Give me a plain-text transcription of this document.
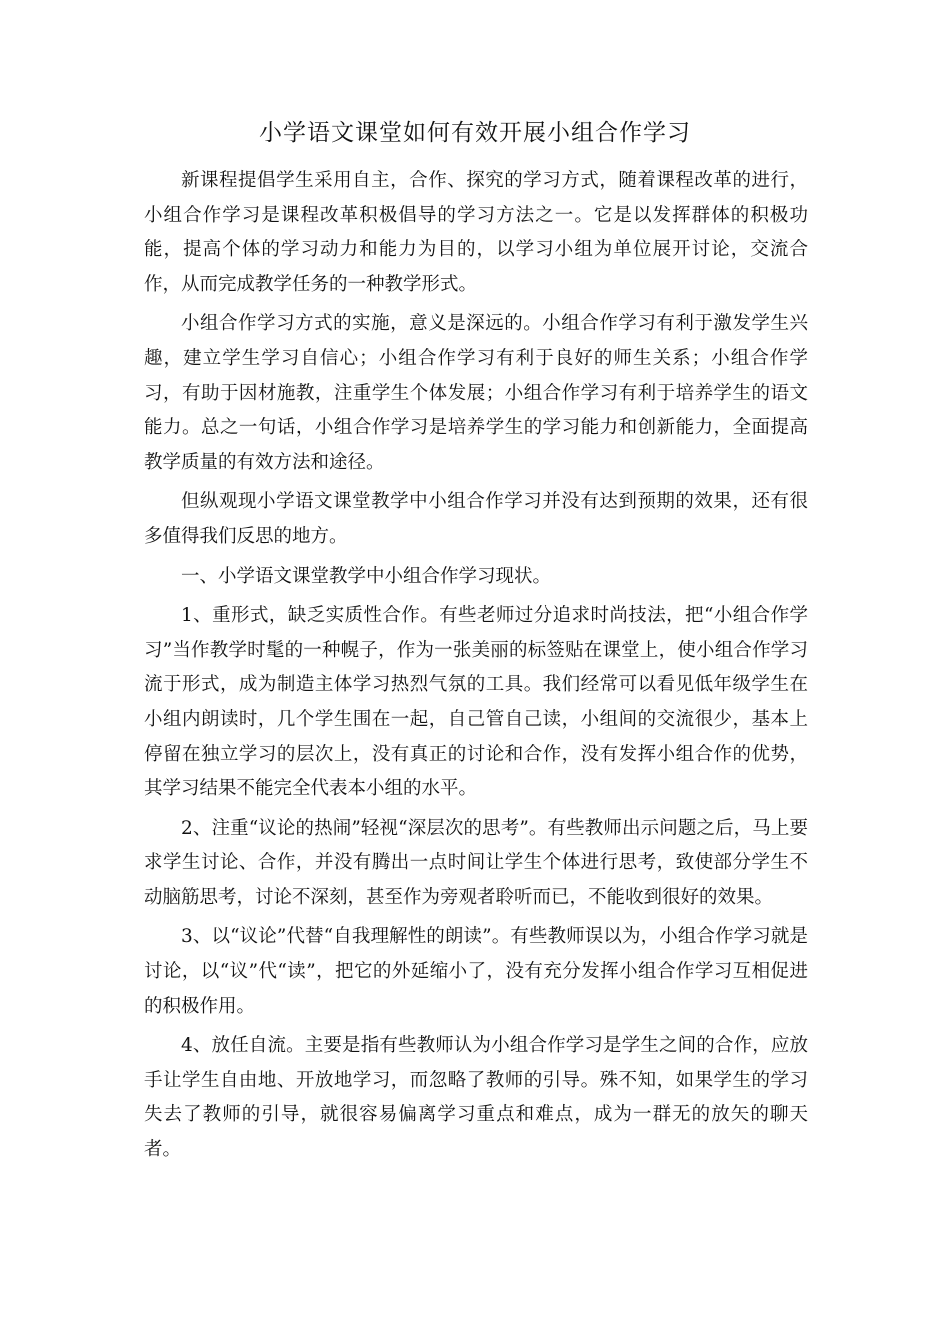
小学语文课堂如何有效开展小组合作学习

新课程提倡学生采用自主，合作、探究的学习方式，随着课程改革的进行，小组合作学习是课程改革积极倡导的学习方法之一。它是以发挥群体的积极功能，提高个体的学习动力和能力为目的，以学习小组为单位展开讨论，交流合作，从而完成教学任务的一种教学形式。

小组合作学习方式的实施，意义是深远的。小组合作学习有利于激发学生兴趣，建立学生学习自信心；小组合作学习有利于良好的师生关系；小组合作学习，有助于因材施教，注重学生个体发展；小组合作学习有利于培养学生的语文能力。总之一句话，小组合作学习是培养学生的学习能力和创新能力，全面提高教学质量的有效方法和途径。

但纵观现小学语文课堂教学中小组合作学习并没有达到预期的效果，还有很多值得我们反思的地方。

一、小学语文课堂教学中小组合作学习现状。

1、重形式，缺乏实质性合作。有些老师过分追求时尚技法，把“小组合作学习”当作教学时髦的一种幌子，作为一张美丽的标签贴在课堂上，使小组合作学习流于形式，成为制造主体学习热烈气氛的工具。我们经常可以看见低年级学生在小组内朗读时，几个学生围在一起，自己管自己读，小组间的交流很少，基本上停留在独立学习的层次上，没有真正的讨论和合作，没有发挥小组合作的优势，其学习结果不能完全代表本小组的水平。

2、注重“议论的热闹”轻视“深层次的思考”。有些教师出示问题之后，马上要求学生讨论、合作，并没有腾出一点时间让学生个体进行思考，致使部分学生不动脑筋思考，讨论不深刻，甚至作为旁观者聆听而已，不能收到很好的效果。

3、以“议论”代替“自我理解性的朗读”。有些教师误以为，小组合作学习就是讨论，以“议”代“读”，把它的外延缩小了，没有充分发挥小组合作学习互相促进的积极作用。

4、放任自流。主要是指有些教师认为小组合作学习是学生之间的合作，应放手让学生自由地、开放地学习，而忽略了教师的引导。殊不知，如果学生的学习失去了教师的引导，就很容易偏离学习重点和难点，成为一群无的放矢的聊天者。
